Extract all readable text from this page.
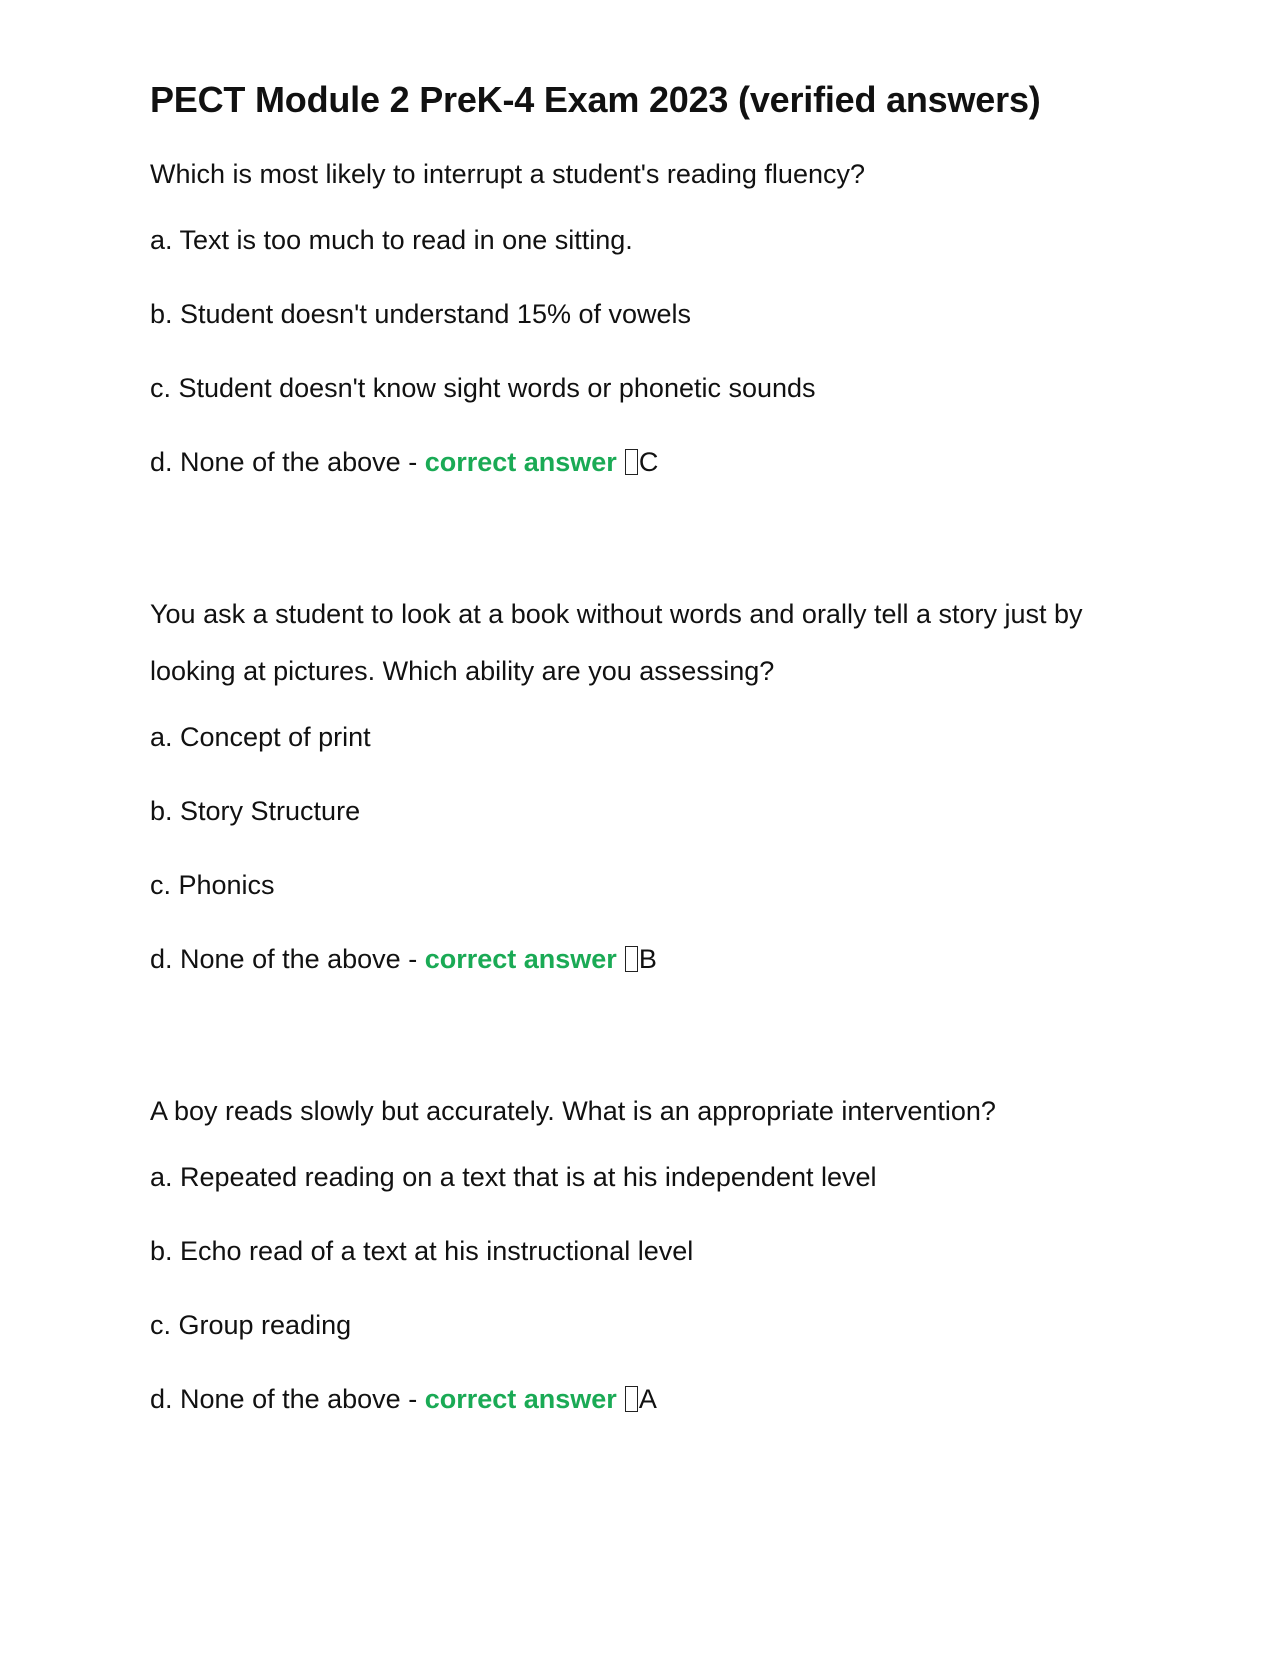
PECT Module 2 PreK-4 Exam 2023 (verified answers)

Which is most likely to interrupt a student's reading fluency?

a. Text is too much to read in one sitting.

b. Student doesn't understand 15% of vowels

c. Student doesn't know sight words or phonetic sounds

d. None of the above - correct answer C

You ask a student to look at a book without words and orally tell a story just by looking at pictures. Which ability are you assessing?

a. Concept of print

b. Story Structure

c. Phonics

d. None of the above - correct answer B

A boy reads slowly but accurately. What is an appropriate intervention?

a. Repeated reading on a text that is at his independent level

b. Echo read of a text at his instructional level

c. Group reading

d. None of the above - correct answer A
